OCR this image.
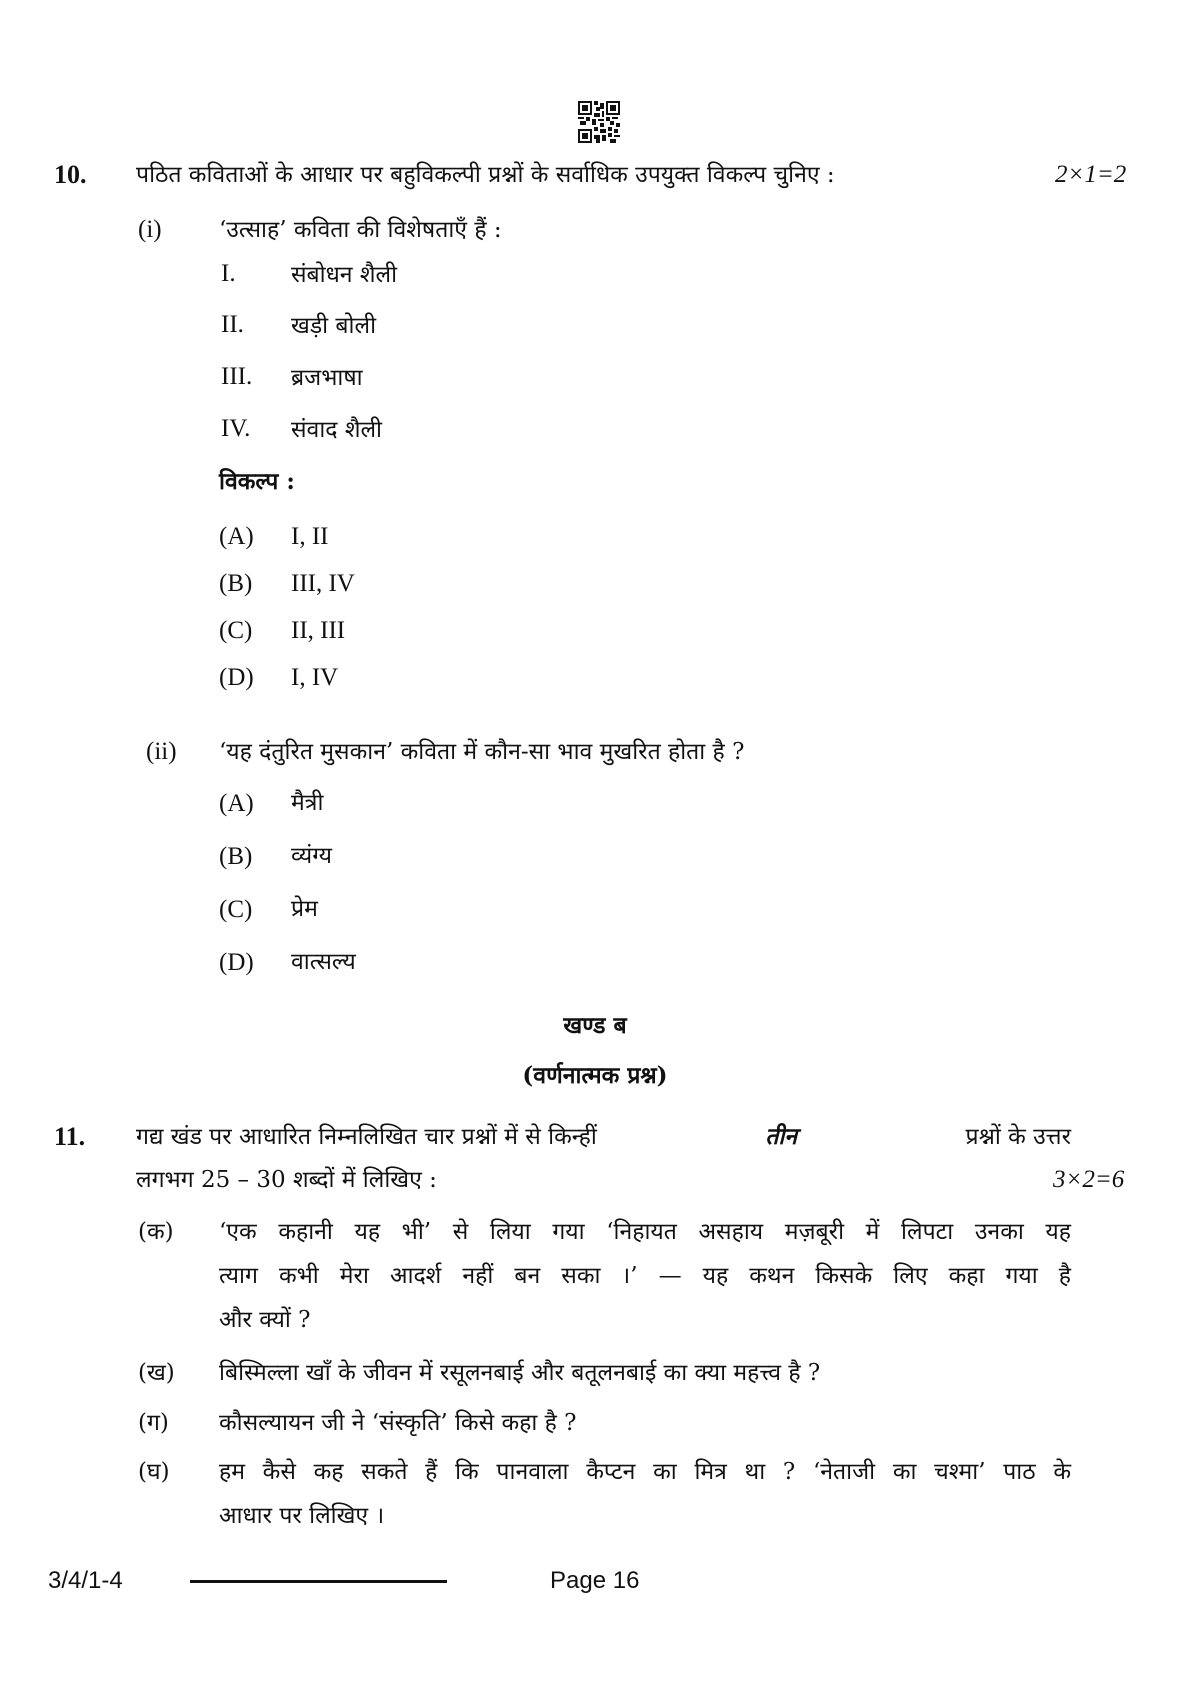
10. पठित कविताओं के आधार पर बहुविकल्पी प्रश्नों के सर्वाधिक उपयुक्त विकल्प चुनिए :	2×1=2
(i) ‘उत्साह’ कविता की विशेषताएँ हैं :
I. संबोधन शैली
II. खड़ी बोली
III. ब्रजभाषा
IV. संवाद शैली
विकल्प :
(A) I, II
(B) III, IV
(C) II, III
(D) I, IV
(ii) ‘यह दंतुरित मुसकान’ कविता में कौन-सा भाव मुखरित होता है ?
(A) मैत्री
(B) व्यंग्य
(C) प्रेम
(D) वात्सल्य
खण्ड ब
(वर्णनात्मक प्रश्न)
11. गद्य खंड पर आधारित निम्नलिखित चार प्रश्नों में से किन्हीं	तीन	प्रश्नों के उत्तर
लगभग 25 – 30 शब्दों में लिखिए :	3×2=6
(क) ‘एक कहानी यह भी’ से लिया गया ‘निहायत असहाय मज़बूरी में लिपटा उनका यह
त्याग कभी मेरा आदर्श नहीं बन सका ।’ — यह कथन किसके लिए कहा गया है
और क्यों ?
(ख) बिस्मिल्ला खाँ के जीवन में रसूलनबाई और बतूलनबाई का क्या महत्त्व है ?
(ग) कौसल्यायन जी ने ‘संस्कृति’ किसे कहा है ?
(घ) हम कैसे कह सकते हैं कि पानवाला कैप्टन का मित्र था ? ‘नेताजी का चश्मा’ पाठ के
आधार पर लिखिए ।
3/4/1-4	Page 16
